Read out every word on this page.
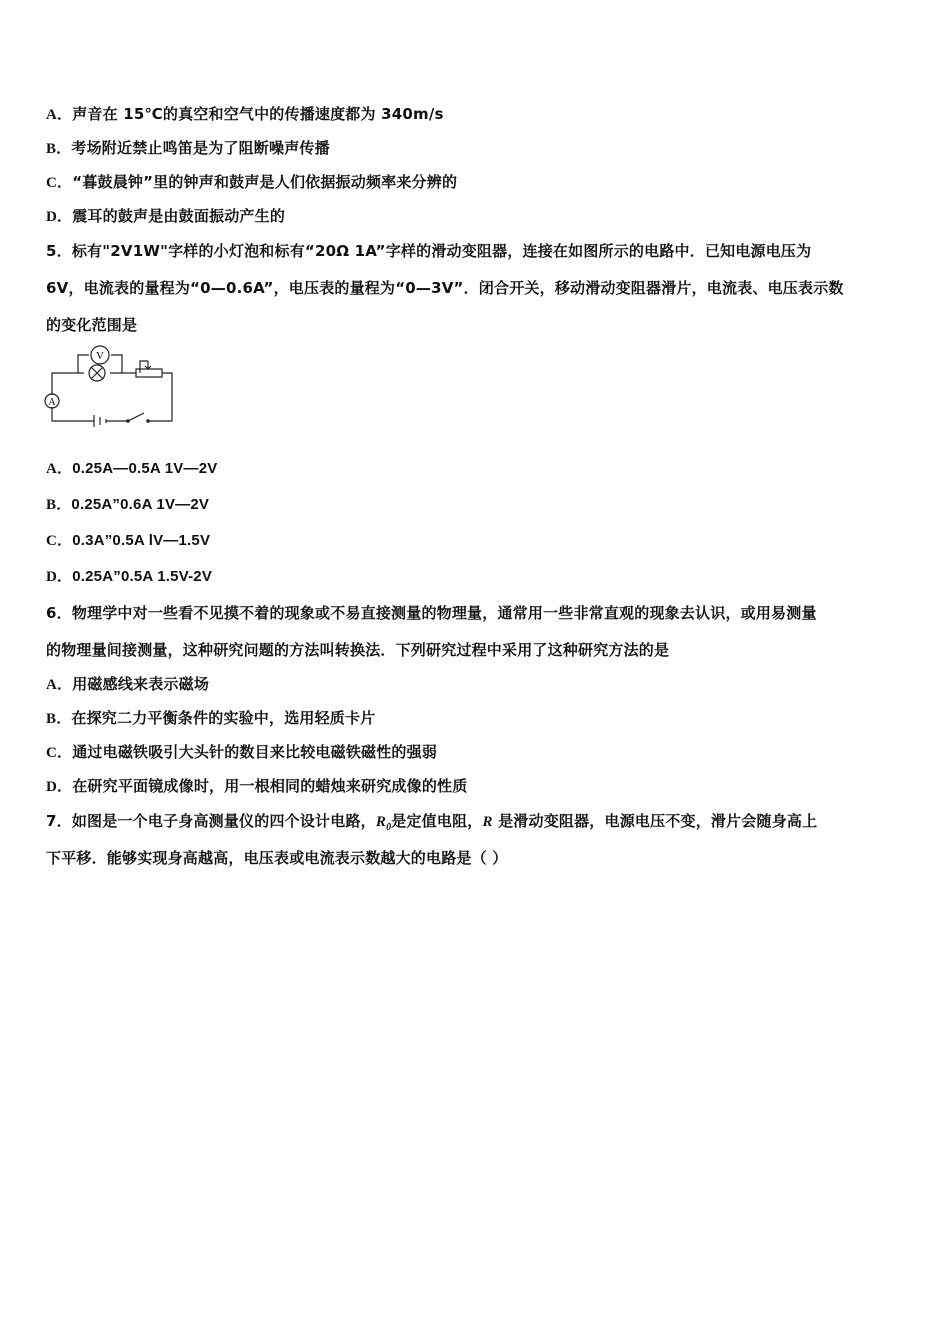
A．声音在 15℃的真空和空气中的传播速度都为 340m/s
B．考场附近禁止鸣笛是为了阻断噪声传播
C．“暮鼓晨钟”里的钟声和鼓声是人们依据振动频率来分辨的
D．震耳的鼓声是由鼓面振动产生的
5．标有"2V1W"字样的小灯泡和标有“20Ω 1A”字样的滑动变阻器，连接在如图所示的电路中．已知电源电压为
6V，电流表的量程为“0—0.6A”，电压表的量程为“0—3V”．闭合开关，移动滑动变阻器滑片，电流表、电压表示数
的变化范围是
V
A
A．0.25A—0.5A 1V—2V
B．0.25A”0.6A 1V—2V
C．0.3A”0.5A lV—1.5V
D．0.25A”0.5A 1.5V-2V
6．物理学中对一些看不见摸不着的现象或不易直接测量的物理量，通常用一些非常直观的现象去认识，或用易测量
的物理量间接测量，这种研究问题的方法叫转换法．下列研究过程中采用了这种研究方法的是
A．用磁感线来表示磁场
B．在探究二力平衡条件的实验中，选用轻质卡片
C．通过电磁铁吸引大头针的数目来比较电磁铁磁性的强弱
D．在研究平面镜成像时，用一根相同的蜡烛来研究成像的性质
7．如图是一个电子身高测量仪的四个设计电路，$R_0$是定值电阻，R 是滑动变阻器，电源电压不变，滑片会随身高上
下平移．能够实现身高越高，电压表或电流表示数越大的电路是（ ）
